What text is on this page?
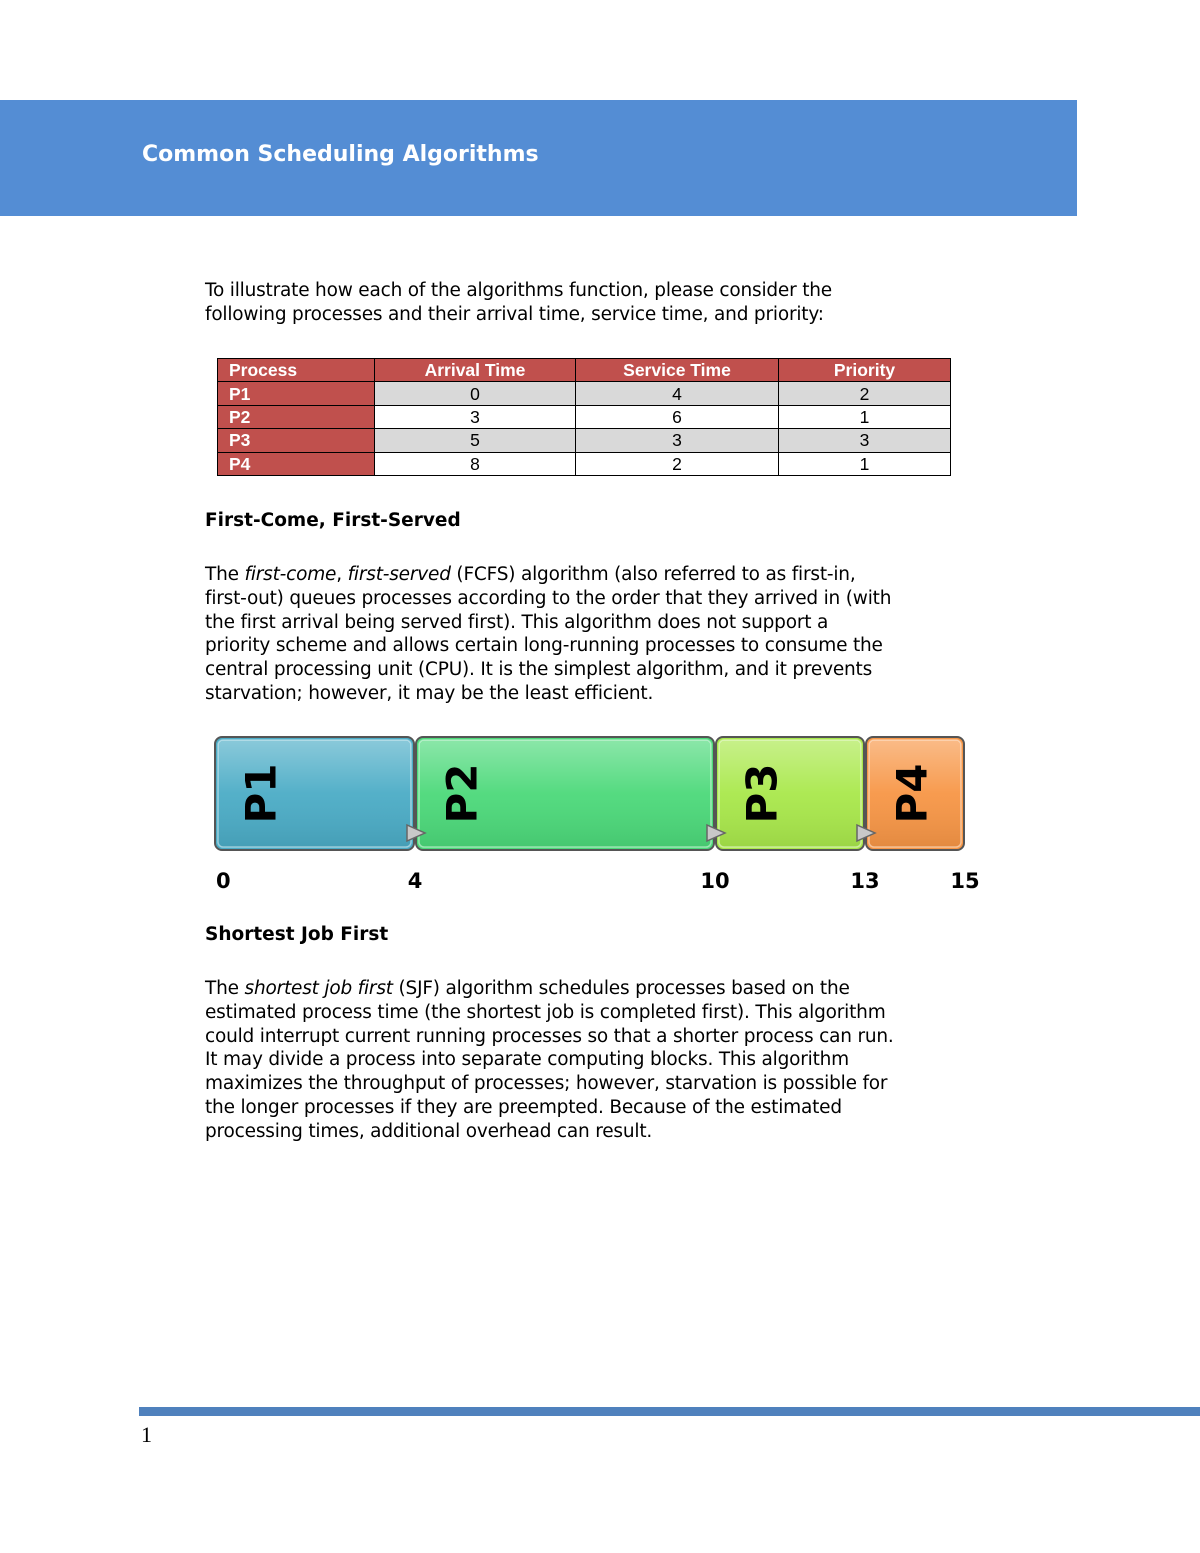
Common Scheduling Algorithms

To illustrate how each of the algorithms function, please consider the
following processes and their arrival time, service time, and priority:

Process	Arrival Time	Service Time	Priority
P1	0	4	2
P2	3	6	1
P3	5	3	3
P4	8	2	1
First-Come, First-Served

The first-come, first-served (FCFS) algorithm (also referred to as first-in,
first-out) queues processes according to the order that they arrived in (with
the first arrival being served first). This algorithm does not support a
priority scheme and allows certain long-running processes to consume the
central processing unit (CPU). It is the simplest algorithm, and it prevents
starvation; however, it may be the least efficient.

P1	P2	P3 P4
0	4	10	13	15
Shortest Job First

The shortest job first (SJF) algorithm schedules processes based on the
estimated process time (the shortest job is completed first). This algorithm
could interrupt current running processes so that a shorter process can run.
It may divide a process into separate computing blocks. This algorithm
maximizes the throughput of processes; however, starvation is possible for
the longer processes if they are preempted. Because of the estimated
processing times, additional overhead can result.

1
